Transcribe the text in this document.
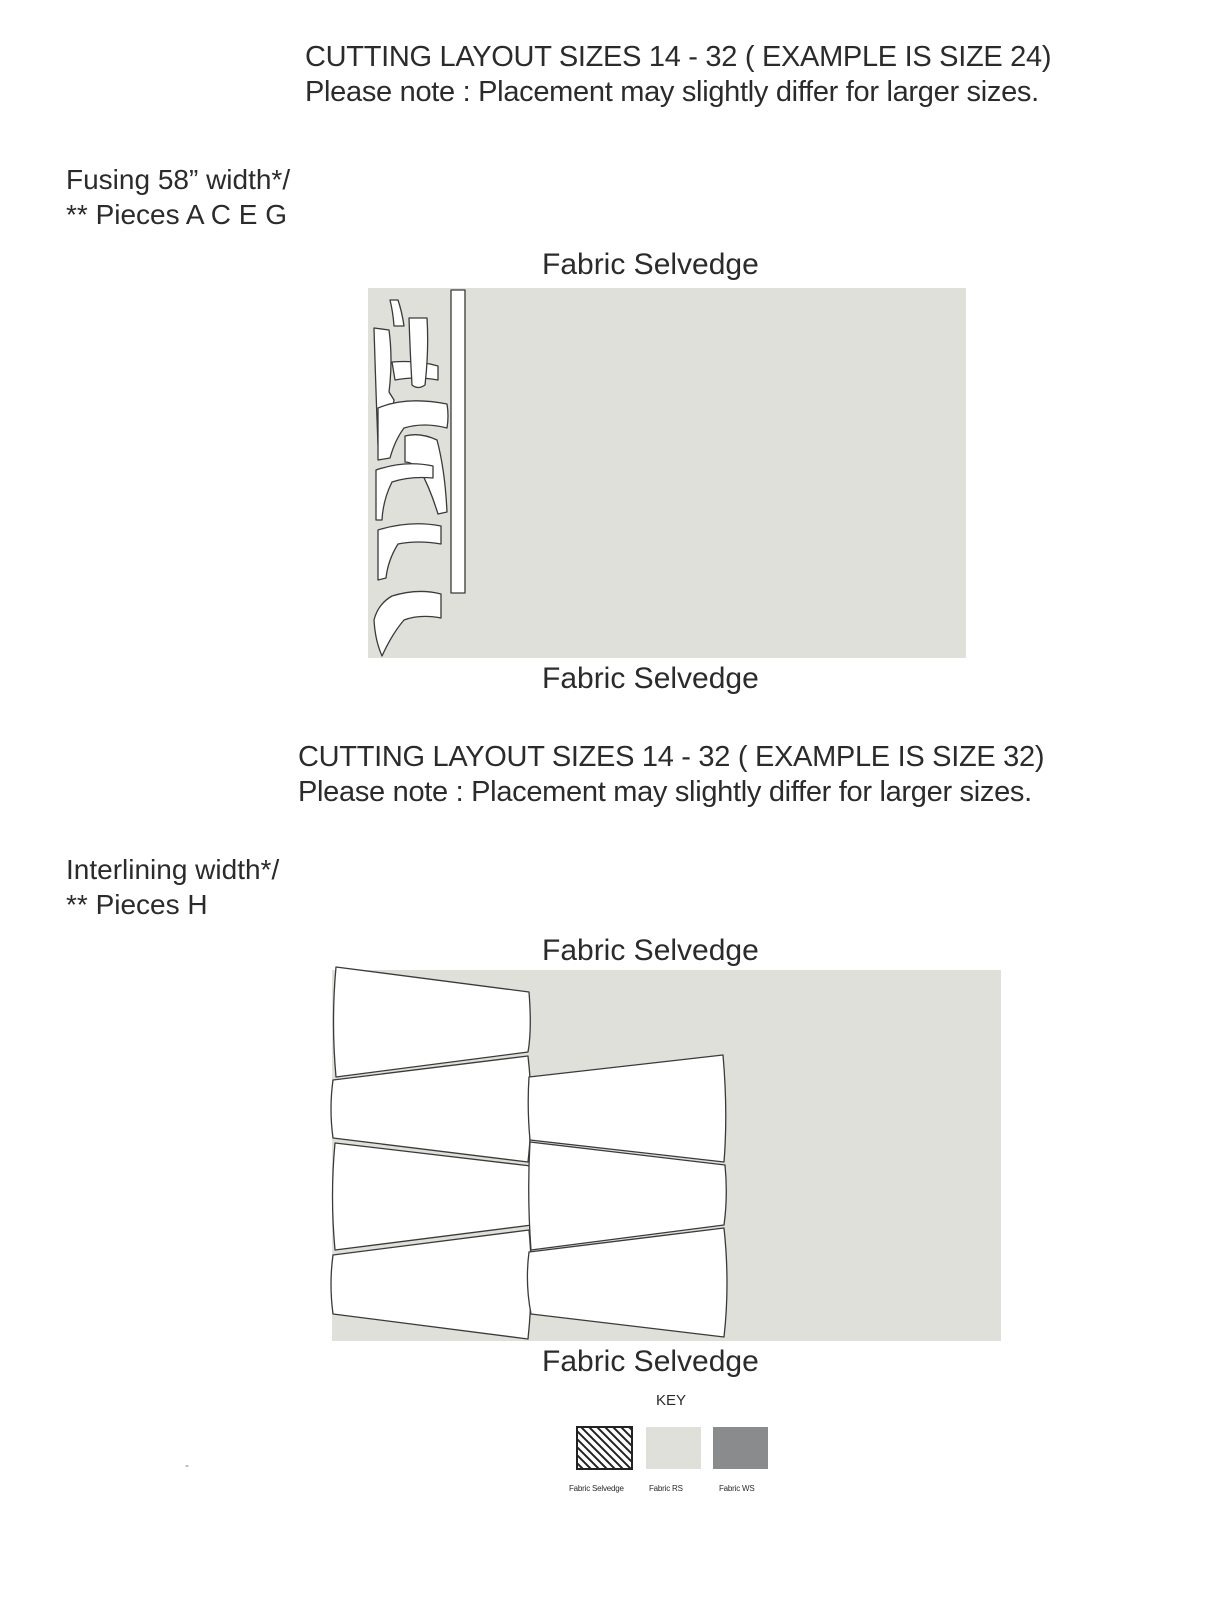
CUTTING LAYOUT SIZES 14 - 32 ( EXAMPLE IS SIZE 24)
Please note : Placement may slightly differ for larger sizes.
Fusing 58” width*/
** Pieces A C E G
Fabric Selvedge
Fabric Selvedge
CUTTING LAYOUT SIZES 14 - 32 ( EXAMPLE IS SIZE 32)
Please note : Placement may slightly differ for larger sizes.
Interlining width*/
** Pieces H
Fabric Selvedge
Fabric Selvedge
KEY
Fabric Selvedge	Fabric RS	Fabric WS
-
